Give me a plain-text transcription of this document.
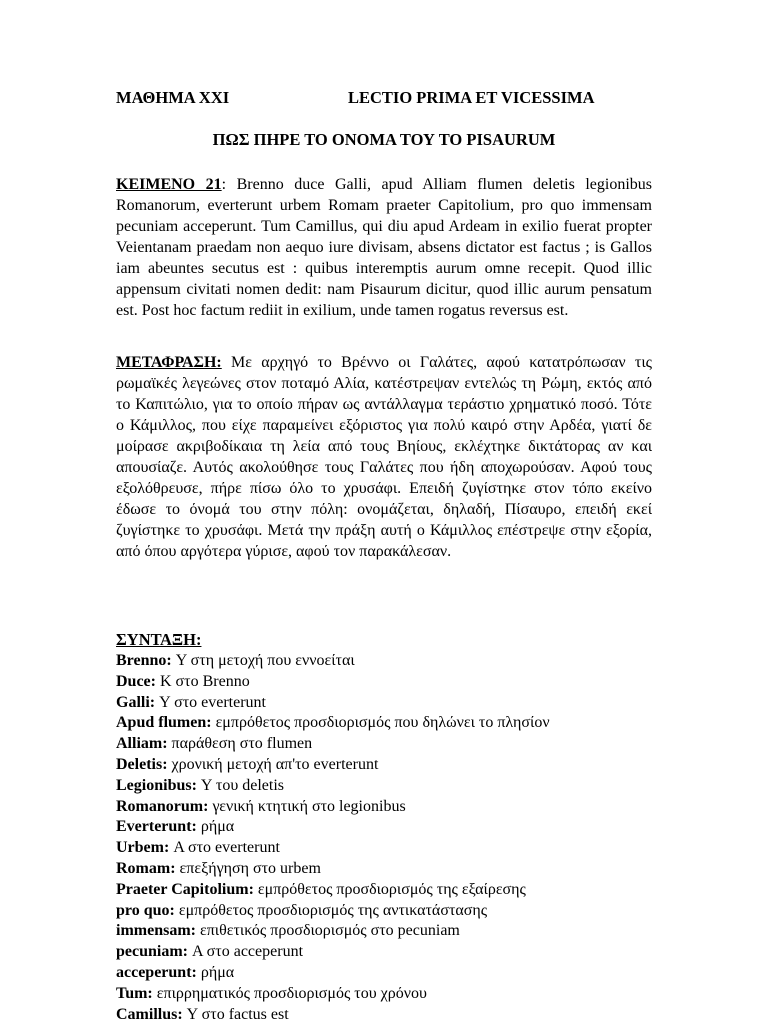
ΜΑΘΗΜΑ XXI	LECTIO PRIMA ET VICESSIMA
ΠΩΣ ΠΗΡΕ ΤΟ ΟΝΟΜΑ ΤΟΥ ΤΟ PISAURUM
ΚΕΙΜΕΝΟ 21: Brenno duce Galli, apud Alliam flumen deletis legionibus Romanorum, everterunt urbem Romam praeter Capitolium, pro quo immensam pecuniam acceperunt. Tum Camillus, qui diu apud Ardeam in exilio fuerat propter Veientanam praedam non aequo iure divisam, absens dictator est factus ; is Gallos iam abeuntes secutus est : quibus interemptis aurum omne recepit. Quod illic appensum civitati nomen dedit: nam Pisaurum dicitur, quod illic aurum pensatum est. Post hoc factum rediit in exilium, unde tamen rogatus reversus est.
ΜΕΤΑΦΡΑΣΗ: Με αρχηγό το Βρέννο οι Γαλάτες, αφού κατατρόπωσαν τις ρωμαϊκές λεγεώνες στον ποταμό Αλία, κατέστρεψαν εντελώς τη Ρώμη, εκτός από το Καπιτώλιο, για το οποίο πήραν ως αντάλλαγμα τεράστιο χρηματικό ποσό. Τότε ο Κάμιλλος, που είχε παραμείνει εξόριστος για πολύ καιρό στην Αρδέα, γιατί δε μοίρασε ακριβοδίκαια τη λεία από τους Βηίους, εκλέχτηκε δικτάτορας αν και απουσίαζε. Αυτός ακολούθησε τους Γαλάτες που ήδη αποχωρούσαν. Αφού τους εξολόθρευσε, πήρε πίσω όλο το χρυσάφι. Επειδή ζυγίστηκε στον τόπο εκείνο έδωσε το όνομά του στην πόλη: ονομάζεται, δηλαδή, Πίσαυρο, επειδή εκεί ζυγίστηκε το χρυσάφι. Μετά την πράξη αυτή ο Κάμιλλος επέστρεψε στην εξορία, από όπου αργότερα γύρισε, αφού τον παρακάλεσαν.
ΣΥΝΤΑΞΗ:
Brenno: Υ στη μετοχή που εννοείται
Duce: Κ στο Brenno
Galli: Υ στο everterunt
Apud flumen: εμπρόθετος προσδιορισμός που δηλώνει το πλησίον
Alliam: παράθεση στο flumen
Deletis: χρονική μετοχή απ'το everterunt
Legionibus: Υ του deletis
Romanorum: γενική κτητική στο legionibus
Everterunt: ρήμα
Urbem: Α στο everterunt
Romam: επεξήγηση στο urbem
Praeter Capitolium: εμπρόθετος προσδιορισμός της εξαίρεσης
pro quo: εμπρόθετος προσδιορισμός της αντικατάστασης
immensam: επιθετικός προσδιορισμός στο pecuniam
pecuniam: Α στο acceperunt
acceperunt: ρήμα
Tum: επιρρηματικός προσδιορισμός του χρόνου
Camillus: Υ στο factus est
